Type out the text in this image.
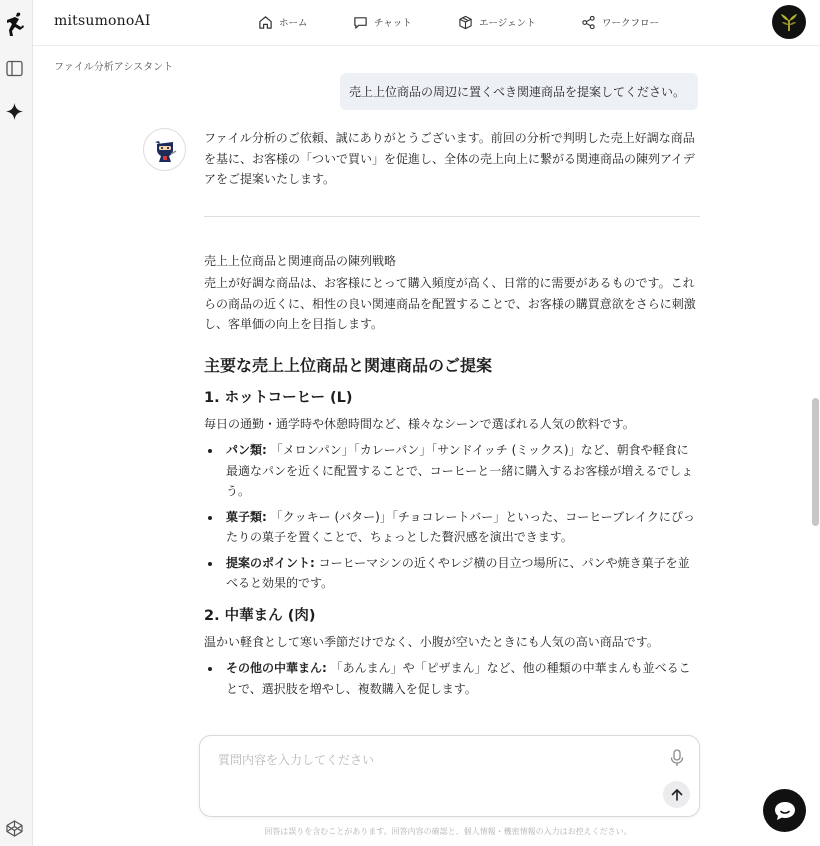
mitsumonoAI	ホーム	チャット	エージェント	ワークフロー
ファイル分析アシスタント
売上上位商品の周辺に置くべき関連商品を提案してください。

ファイル分析のご依頼、誠にありがとうございます。前回の分析で判明した売上好調な商品を基に、お客様の「ついで買い」を促進し、全体の売上向上に繋がる関連商品の陳列アイデアをご提案いたします。

売上上位商品と関連商品の陳列戦略

売上が好調な商品は、お客様にとって購入頻度が高く、日常的に需要があるものです。これらの商品の近くに、相性の良い関連商品を配置することで、お客様の購買意欲をさらに刺激し、客単価の向上を目指します。

主要な売上上位商品と関連商品のご提案
1. ホットコーヒー (L)

毎日の通勤・通学時や休憩時間など、様々なシーンで選ばれる人気の飲料です。

パン類: 「メロンパン」「カレーパン」「サンドイッチ (ミックス)」など、朝食や軽食に最適なパンを近くに配置することで、コーヒーと一緒に購入するお客様が増えるでしょう。
菓子類: 「クッキー (バター)」「チョコレートバー」といった、コーヒーブレイクにぴったりの菓子を置くことで、ちょっとした贅沢感を演出できます。
提案のポイント: コーヒーマシンの近くやレジ横の目立つ場所に、パンや焼き菓子を並べると効果的です。
2. 中華まん (肉)

温かい軽食として寒い季節だけでなく、小腹が空いたときにも人気の高い商品です。

その他の中華まん: 「あんまん」や「ピザまん」など、他の種類の中華まんも並べることで、選択肢を増やし、複数購入を促します。
質問内容を入力してください
回答は誤りを含むことがあります。回答内容の確認と、個人情報・機密情報の入力はお控えください。
